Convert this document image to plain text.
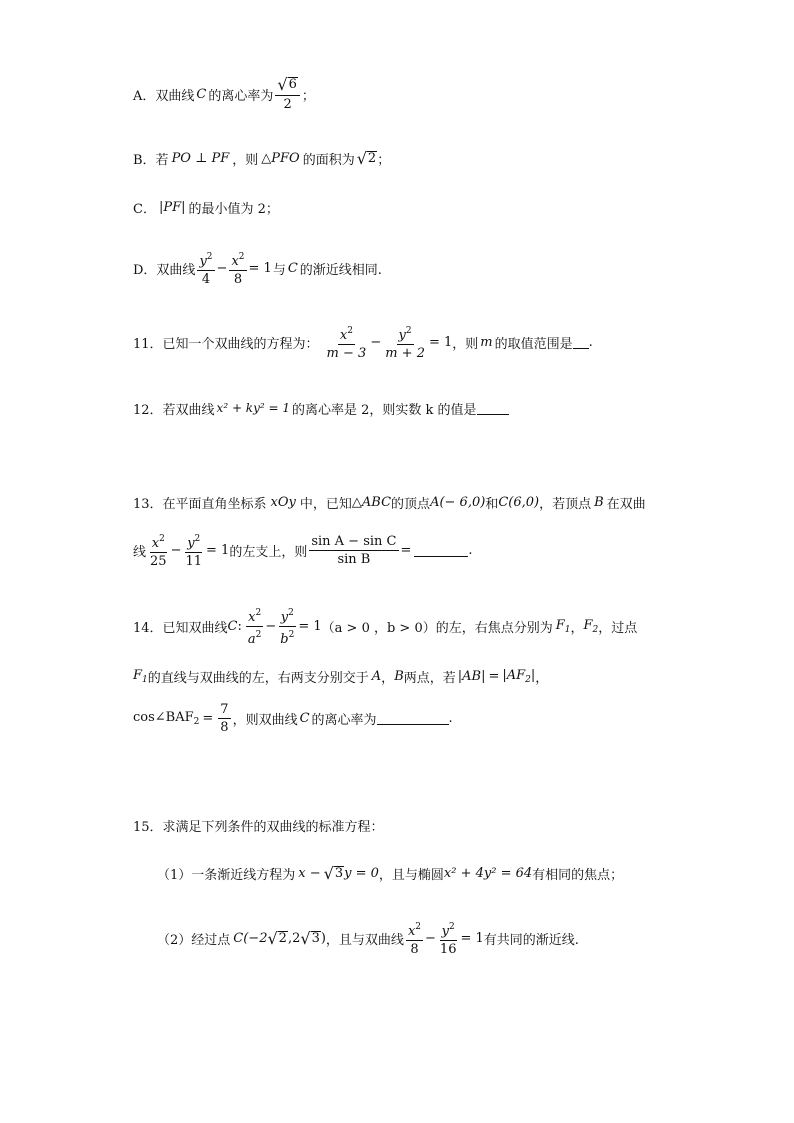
A．双曲线 C 的离心率为 $\frac{√ 6}{2}$ ；
B．若 PO ⊥ PF ，则 △PFO 的面积为 √ 2 ；
C． |PF| 的最小值为 2；
D．双曲线 $\frac{y^2}{4} - \frac{x^2}{8} = 1$ 与 C 的渐近线相同.
11．已知一个双曲线的方程为： $\frac{x^2}{m - 3} - \frac{y^2}{m + 2} = 1$ ，则 m 的取值范围是 .
12．若双曲线 x² + ky² = 1 的离心率是 2，则实数 k 的值是
13．在平面直角坐标系 xOy 中，已知 △ABC 的顶点 A(− 6,0) 和 C(6,0) ，若顶点 B 在双曲
线 $\frac{x^2}{25} - \frac{y^2}{11} = 1$ 的左支上，则 $\frac{\text{sin A − sin C}}{\text{sin B}}$ =	.
14．已知双曲线 C : $\frac{x^2}{a^2} - \frac{y^2}{b^2} = 1$ （a > 0 ，b > 0） 的左，右焦点分别为 $F_1$ ， $F_2$ ，过点
$F_1$ 的直线与双曲线的左，右两支分别交于 A ， B 两点，若 $|AB| = |AF_2|$ ，
$\cos\angle BAF_2 = \frac{7}{8}$ ，则双曲线 C 的离心率为	.
15．求满足下列条件的双曲线的标准方程：
（1）一条渐近线方程为 x − √ 3 y = 0 ，且与椭圆 x² + 4y² = 64 有相同的焦点；
（2）经过点 C(−2 √ 2 ,2 √ 3 ) ，且与双曲线 $\frac{x^2}{8} - \frac{y^2}{16} = 1$ 有共同的渐近线.
